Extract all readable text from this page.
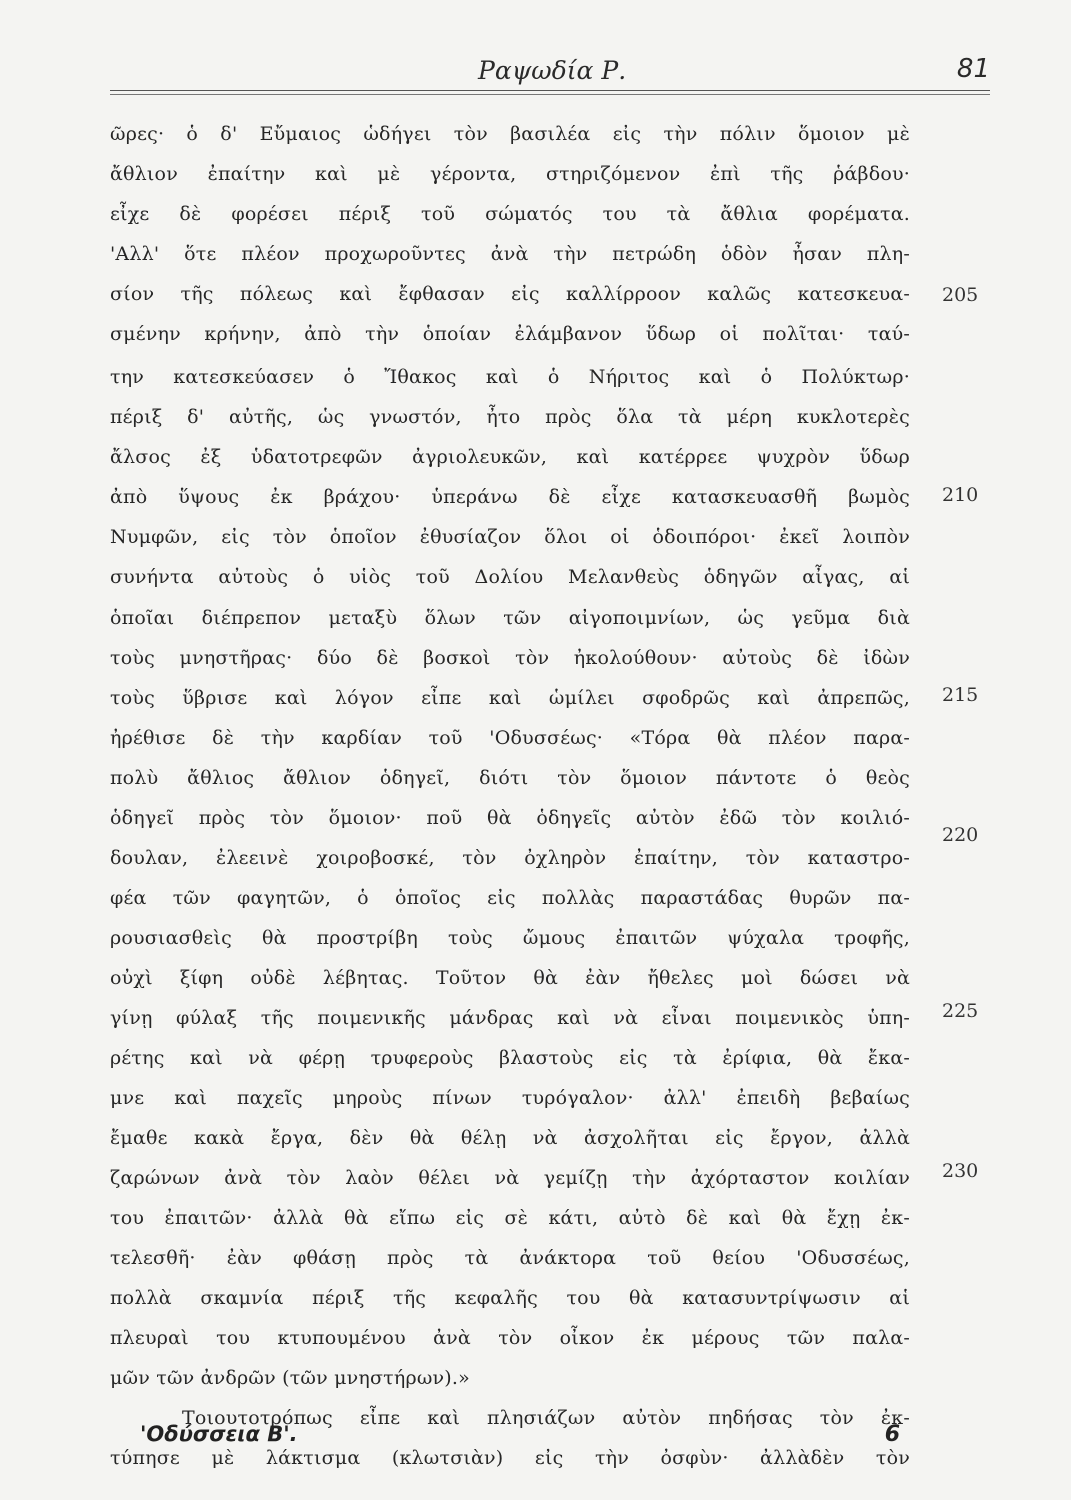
Ραψωδία Ρ.	81
ῶρες· ὁ δ' Εὔμαιος ὡδήγει τὸν βασιλέα εἰς τὴν πόλιν ὅμοιον μὲ
ἄθλιον ἐπαίτην καὶ μὲ γέροντα, στηριζόμενον ἐπὶ τῆς ῥάβδου·
εἶχε δὲ φορέσει πέριξ τοῦ σώματός του τὰ ἄθλια φορέματα.
'Αλλ' ὅτε πλέον προχωροῦντες ἀνὰ τὴν πετρώδη ὁδὸν ἦσαν πλη-
σίον τῆς πόλεως καὶ ἔφθασαν εἰς καλλίρροον καλῶς κατεσκευα-
σμένην κρήνην, ἀπὸ τὴν ὁποίαν ἐλάμβανον ὕδωρ οἱ πολῖται· ταύ-
την κατεσκεύασεν ὁ Ἴθακος καὶ ὁ Νήριτος καὶ ὁ Πολύκτωρ·
πέριξ δ' αὐτῆς, ὡς γνωστόν, ἦτο πρὸς ὅλα τὰ μέρη κυκλοτερὲς
ἄλσος ἐξ ὑδατοτρεφῶν ἀγριολευκῶν, καὶ κατέρρεε ψυχρὸν ὕδωρ
ἀπὸ ὕψους ἐκ βράχου· ὑπεράνω δὲ εἶχε κατασκευασθῆ βωμὸς
Νυμφῶν, εἰς τὸν ὁποῖον ἐθυσίαζον ὅλοι οἱ ὁδοιπόροι· ἐκεῖ λοιπὸν
συνήντα αὐτοὺς ὁ υἱὸς τοῦ Δολίου Μελανθεὺς ὁδηγῶν αἶγας, αἱ
ὁποῖαι διέπρεπον μεταξὺ ὅλων τῶν αἰγοποιμνίων, ὡς γεῦμα διὰ
τοὺς μνηστῆρας· δύο δὲ βοσκοὶ τὸν ἠκολούθουν· αὐτοὺς δὲ ἰδὼν
τοὺς ὕβρισε καὶ λόγον εἶπε καὶ ὡμίλει σφοδρῶς καὶ ἀπρεπῶς,
ἠρέθισε δὲ τὴν καρδίαν τοῦ 'Οδυσσέως· «Τόρα θὰ πλέον παρα-
πολὺ ἄθλιος ἄθλιον ὁδηγεῖ, διότι τὸν ὅμοιον πάντοτε ὁ θεὸς
ὁδηγεῖ πρὸς τὸν ὅμοιον· ποῦ θὰ ὁδηγεῖς αὐτὸν ἐδῶ τὸν κοιλιό-
δουλαν, ἐλεεινὲ χοιροβοσκέ, τὸν ὀχληρὸν ἐπαίτην, τὸν καταστρο-
φέα τῶν φαγητῶν, ὁ ὁποῖος εἰς πολλὰς παραστάδας θυρῶν πα-
ρουσιασθεὶς θὰ προστρίβη τοὺς ὤμους ἐπαιτῶν ψύχαλα τροφῆς,
οὐχὶ ξίφη οὐδὲ λέβητας. Τοῦτον θὰ ἐὰν ἤθελες μοὶ δώσει νὰ
γίνῃ φύλαξ τῆς ποιμενικῆς μάνδρας καὶ νὰ εἶναι ποιμενικὸς ὑπη-
ρέτης καὶ νὰ φέρῃ τρυφεροὺς βλαστοὺς εἰς τὰ ἐρίφια, θὰ ἔκα-
μνε καὶ παχεῖς μηροὺς πίνων τυρόγαλον· ἀλλ' ἐπειδὴ βεβαίως
ἔμαθε κακὰ ἔργα, δὲν θὰ θέλῃ νὰ ἀσχολῆται εἰς ἔργον, ἀλλὰ
ζαρώνων ἀνὰ τὸν λαὸν θέλει νὰ γεμίζῃ τὴν ἀχόρταστον κοιλίαν
του ἐπαιτῶν· ἀλλὰ θὰ εἴπω εἰς σὲ κάτι, αὐτὸ δὲ καὶ θὰ ἔχῃ ἐκ-
τελεσθῆ· ἐὰν φθάσῃ πρὸς τὰ ἀνάκτορα τοῦ θείου 'Οδυσσέως,
πολλὰ σκαμνία πέριξ τῆς κεφαλῆς του θὰ κατασυντρίψωσιν αἱ
πλευραὶ του κτυπουμένου ἀνὰ τὸν οἶκον ἐκ μέρους τῶν παλα-
μῶν τῶν ἀνδρῶν (τῶν μνηστήρων).»
Τοιουτοτρόπως εἶπε καὶ πλησιάζων αὐτὸν πηδήσας τὸν ἐκ-
τύπησε μὲ λάκτισμα (κλωτσιὰν) εἰς τὴν ὀσφὺν· ἀλλὰδὲν τὸν
205
210
215
220
225
230
'Οδύσσεια Β'.	6
